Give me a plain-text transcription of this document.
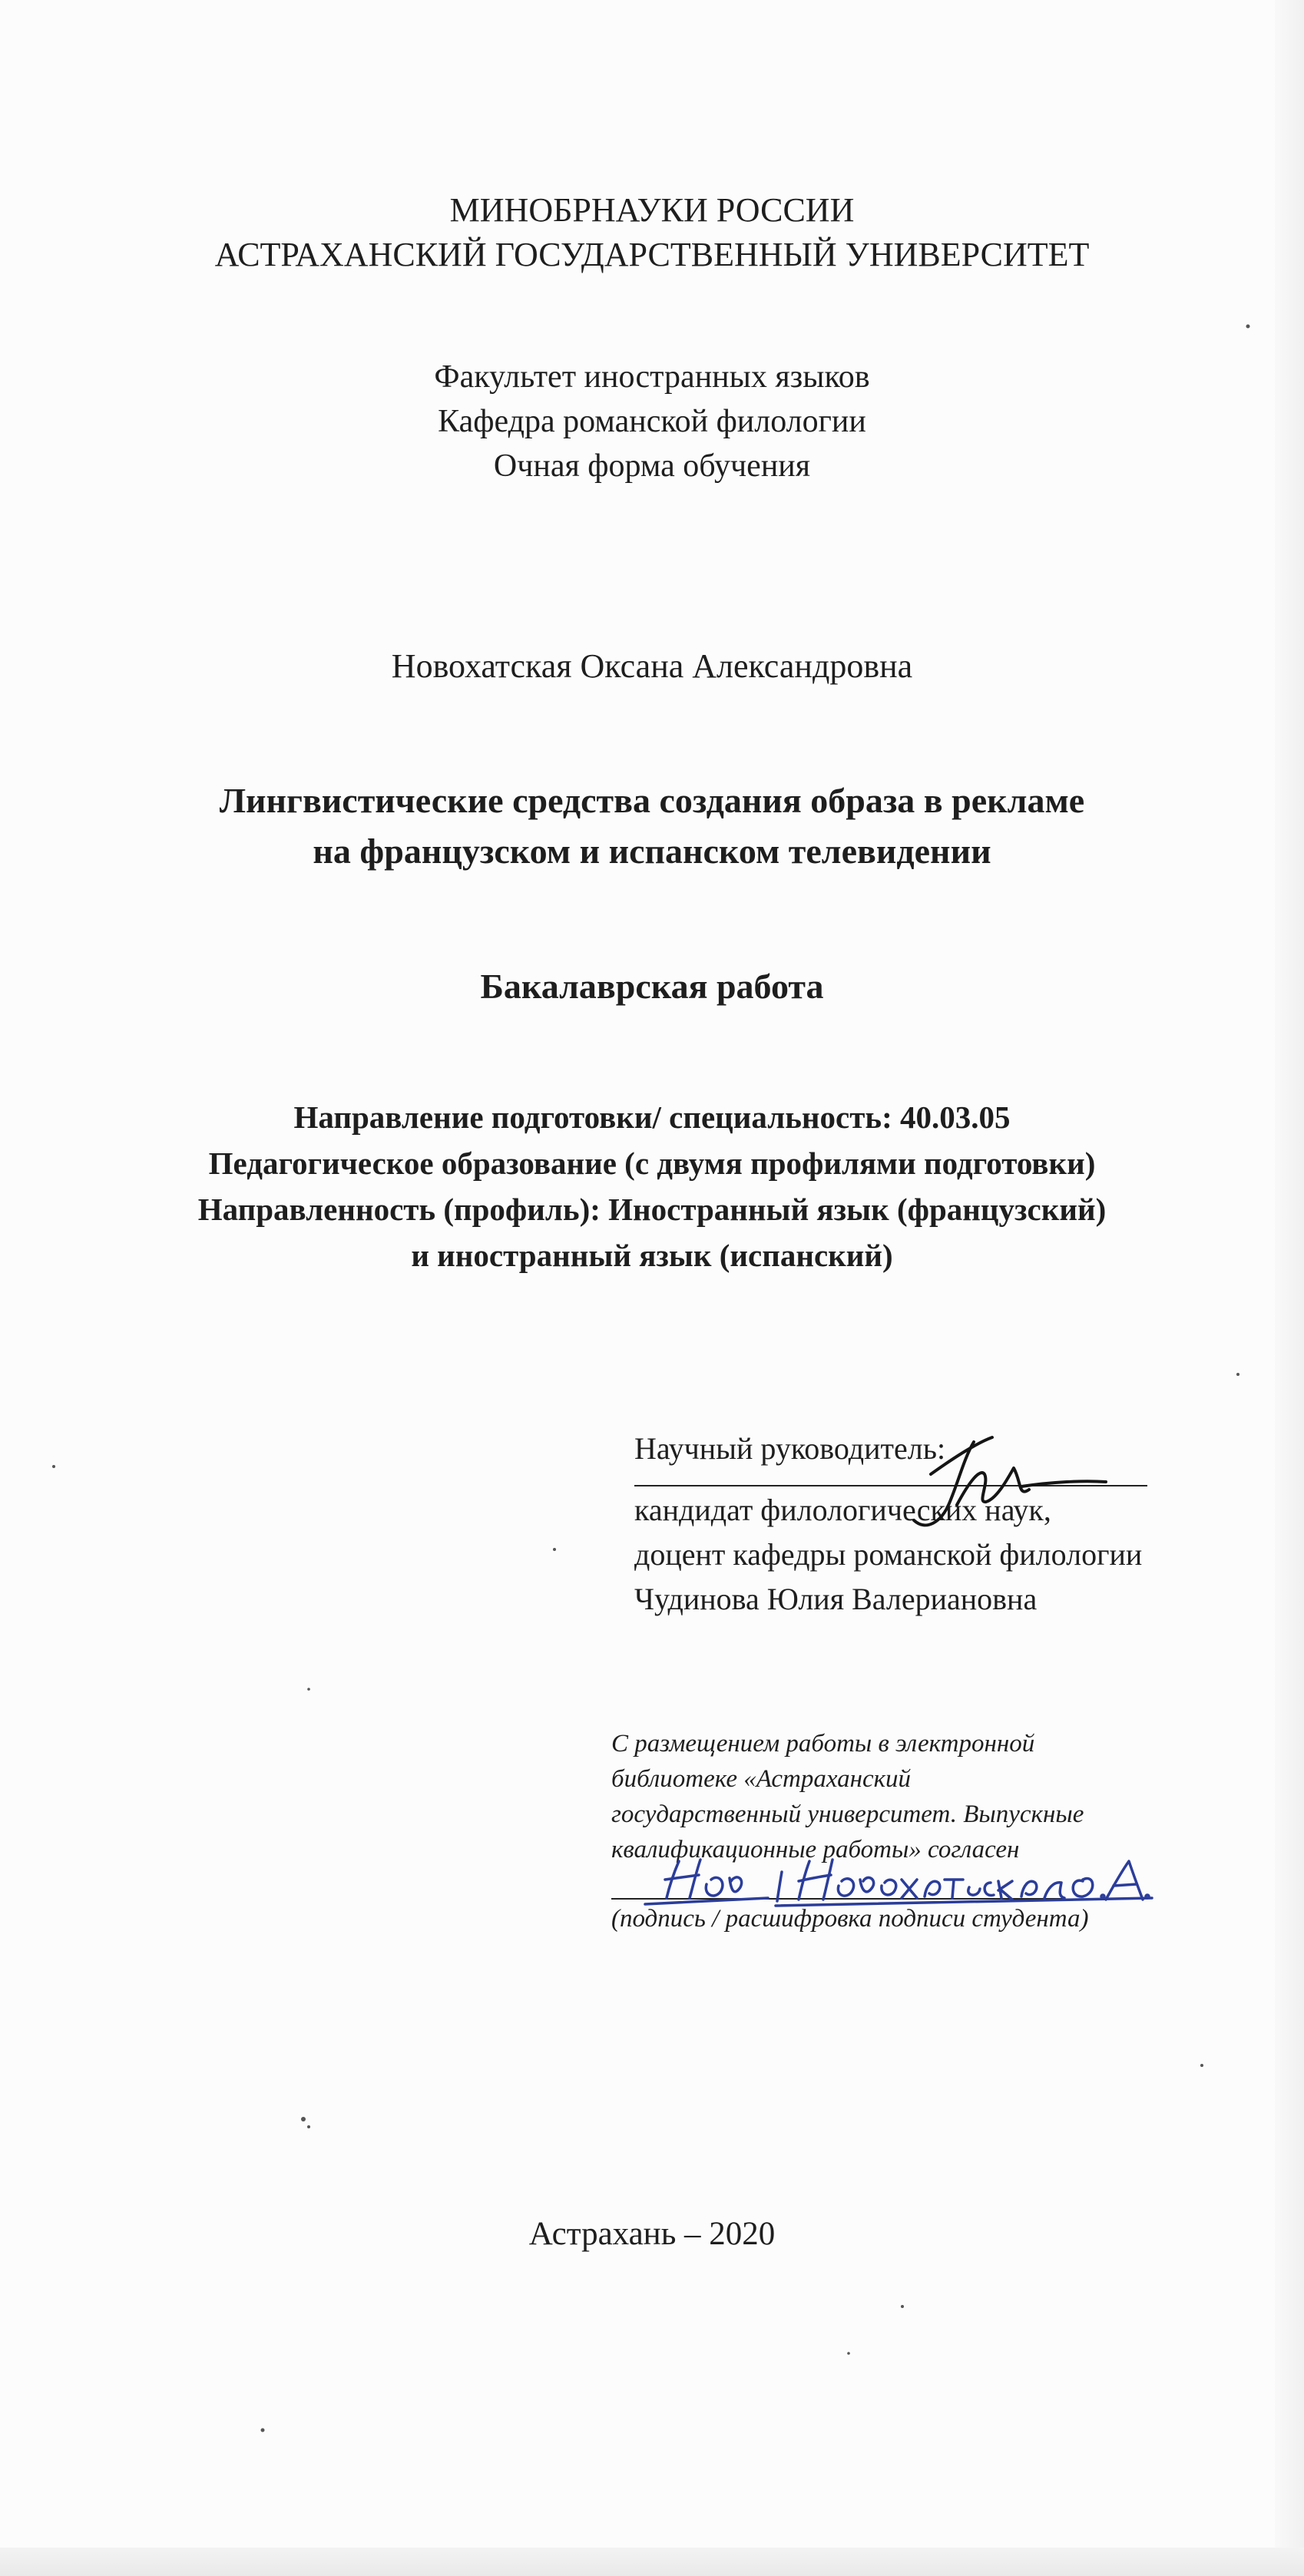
МИНОБРНАУКИ РОССИИ
АСТРАХАНСКИЙ ГОСУДАРСТВЕННЫЙ УНИВЕРСИТЕТ
Факультет иностранных языков
Кафедра романской филологии
Очная форма обучения
Новохатская Оксана Александровна
Лингвистические средства создания образа в рекламе
на французском и испанском телевидении
Бакалаврская работа
Направление подготовки/ специальность: 40.03.05
Педагогическое образование (с двумя профилями подготовки)
Направленность (профиль): Иностранный язык (французский)
и иностранный язык (испанский)
Научный руководитель:
кандидат филологических наук,
доцент кафедры романской филологии
Чудинова Юлия Валериановна
С размещением работы в электронной
библиотеке «Астраханский
государственный университет. Выпускные
квалификационные работы» согласен
(подпись / расшифровка подписи студента)
Астрахань – 2020
